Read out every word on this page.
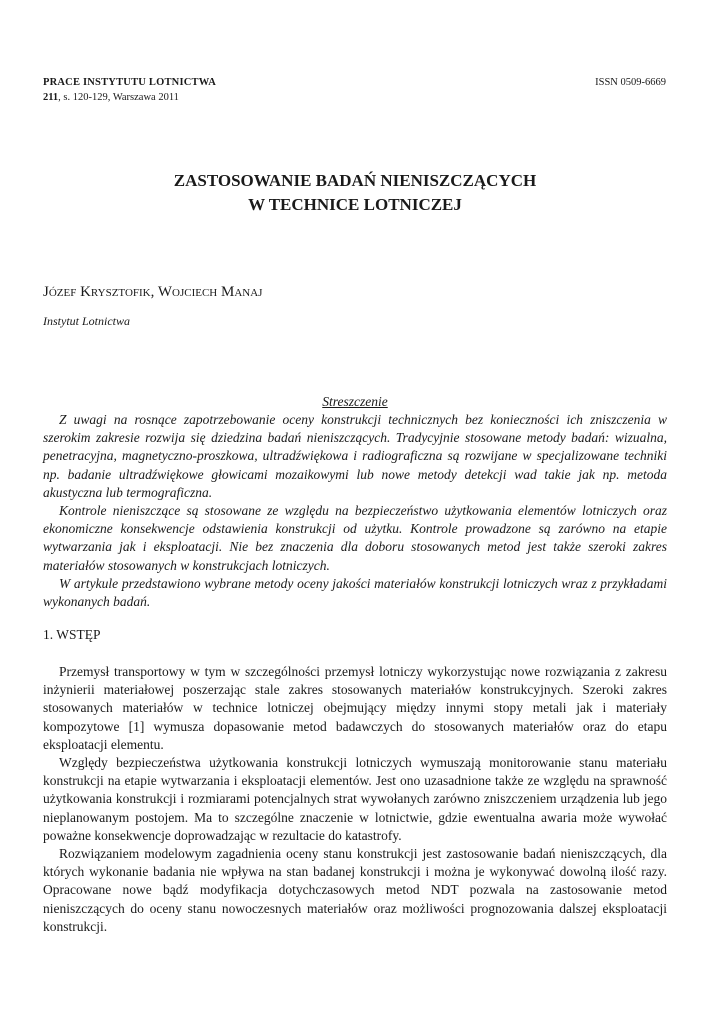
PRACE INSTYTUTU LOTNICTWA
211, s. 120-129, Warszawa 2011
ISSN 0509-6669
ZASTOSOWANIE BADAŃ NIENISZCZĄCYCH
W TECHNICE LOTNICZEJ
Józef Krysztofik, Wojciech Manaj
Instytut Lotnictwa
Streszczenie

Z uwagi na rosnące zapotrzebowanie oceny konstrukcji technicznych bez konieczności ich zniszczenia w szerokim zakresie rozwija się dziedzina badań nieniszczących. Tradycyjnie stosowane metody badań: wizualna, penetracyjna, magnetyczno-proszkowa, ultradźwiękowa i radiograficzna są rozwijane w specjalizowane techniki np. badanie ultradźwiękowe głowicami mozaikowymi lub nowe metody detekcji wad takie jak np. metoda akustyczna lub termograficzna.

Kontrole nieniszczące są stosowane ze względu na bezpieczeństwo użytkowania elementów lotniczych oraz ekonomiczne konsekwencje odstawienia konstrukcji od użytku. Kontrole prowadzone są zarówno na etapie wytwarzania jak i eksploatacji. Nie bez znaczenia dla doboru stosowanych metod jest także szeroki zakres materiałów stosowanych w konstrukcjach lotniczych.

W artykule przedstawiono wybrane metody oceny jakości materiałów konstrukcji lotniczych wraz z przykładami wykonanych badań.

1. WSTĘP

Przemysł transportowy w tym w szczególności przemysł lotniczy wykorzystując nowe rozwiązania z zakresu inżynierii materiałowej poszerzając stale zakres stosowanych materiałów konstrukcyjnych. Szeroki zakres stosowanych materiałów w technice lotniczej obejmujący między innymi stopy metali jak i materiały kompozytowe [1] wymusza dopasowanie metod badawczych do stosowanych materiałów oraz do etapu eksploatacji elementu.

Względy bezpieczeństwa użytkowania konstrukcji lotniczych wymuszają monitorowanie stanu materiału konstrukcji na etapie wytwarzania i eksploatacji elementów. Jest ono uzasadnione także ze względu na sprawność użytkowania konstrukcji i rozmiarami potencjalnych strat wywołanych zarówno zniszczeniem urządzenia lub jego nieplanowanym postojem. Ma to szczególne znaczenie w lotnictwie, gdzie ewentualna awaria może wywołać poważne konsekwencje doprowadzając w rezultacie do katastrofy.

Rozwiązaniem modelowym zagadnienia oceny stanu konstrukcji jest zastosowanie badań nieniszczących, dla których wykonanie badania nie wpływa na stan badanej konstrukcji i można je wykonywać dowolną ilość razy. Opracowane nowe bądź modyfikacja dotychczasowych metod NDT pozwala na zastosowanie metod nieniszczących do oceny stanu nowoczesnych materiałów oraz możliwości prognozowania dalszej eksploatacji konstrukcji.
